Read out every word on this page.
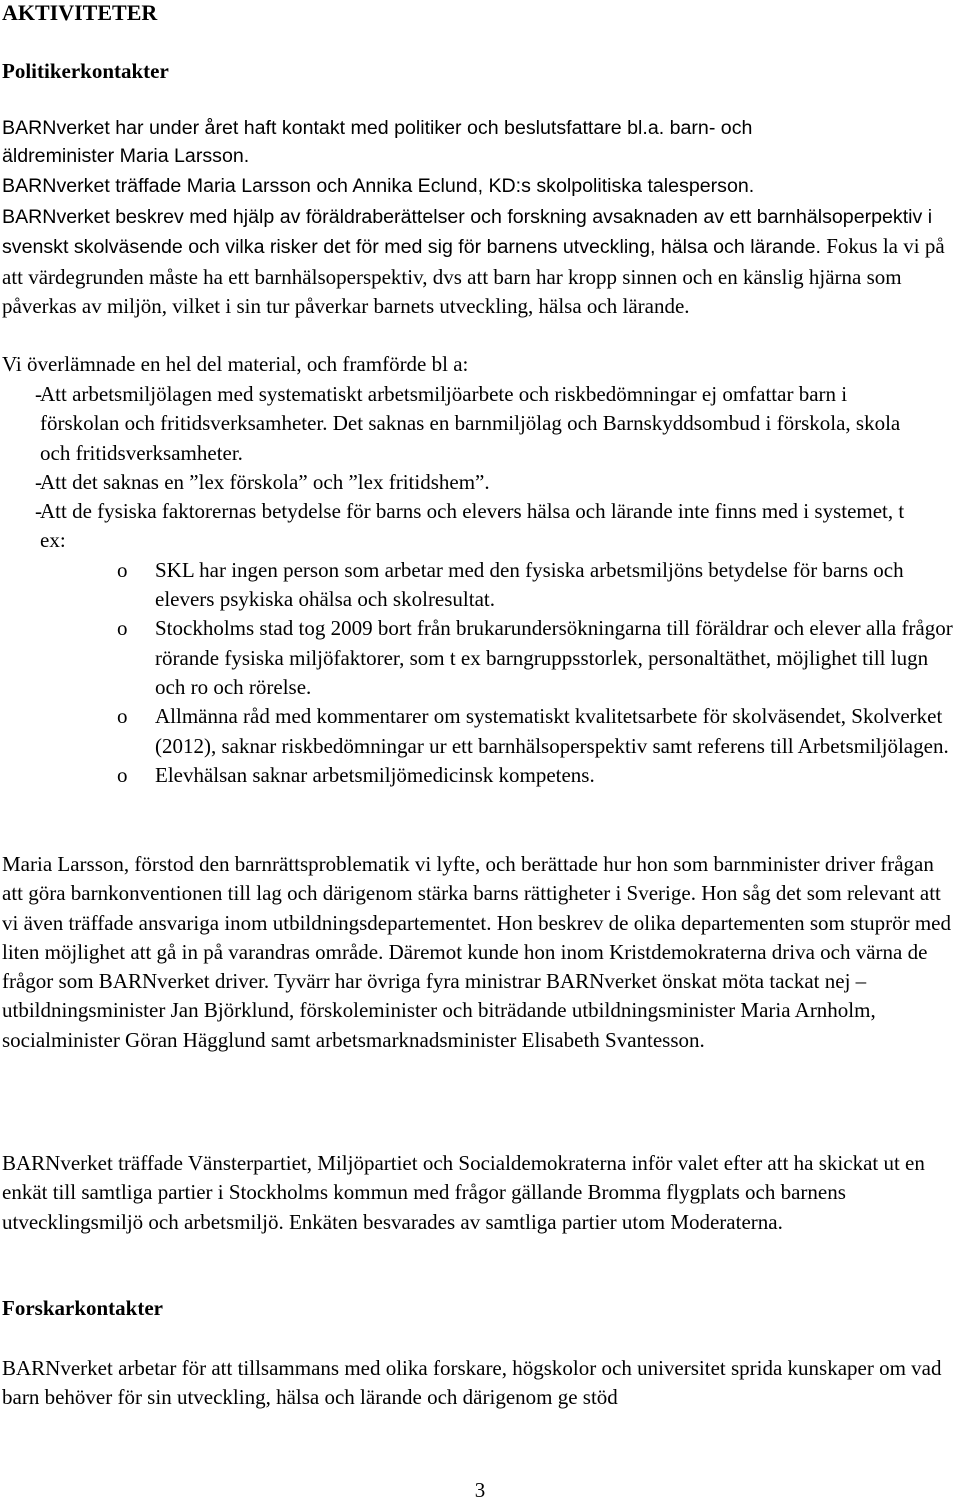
AKTIVITETER
Politikerkontakter

BARNverket har under året haft kontakt med politiker och beslutsfattare bl.a. barn- och

äldreminister Maria Larsson.

BARNverket träffade Maria Larsson och Annika Eclund, KD:s skolpolitiska talesperson.

BARNverket beskrev med hjälp av föräldraberättelser och forskning avsaknaden av ett barnhälsoperpektiv i svenskt skolväsende och vilka risker det för med sig för barnens utveckling, hälsa och lärande. Fokus la vi på att värdegrunden måste ha ett barnhälsoperspektiv, dvs att barn har kropp sinnen och en känslig hjärna som påverkas av miljön, vilket i sin tur påverkar barnets utveckling, hälsa och lärande.

Vi överlämnade en hel del material, och framförde bl a:

-
Att arbetsmiljölagen med systematiskt arbetsmiljöarbete och riskbedömningar ej omfattar barn i förskolan och fritidsverksamheter. Det saknas en barnmiljölag och Barnskyddsombud i förskola, skola och fritidsverksamheter.
-
Att det saknas en ”lex förskola” och ”lex fritidshem”.
-
Att de fysiska faktorernas betydelse för barns och elevers hälsa och lärande inte finns med i systemet, t ex:
o	SKL har ingen person som arbetar med den fysiska arbetsmiljöns betydelse för barns och elevers psykiska ohälsa och skolresultat.
o	Stockholms stad tog 2009 bort från brukarundersökningarna till föräldrar och elever alla frågor rörande fysiska miljöfaktorer, som t ex barngruppsstorlek, personaltäthet, möjlighet till lugn och ro och rörelse.
o	Allmänna råd med kommentarer om systematiskt kvalitetsarbete för skolväsendet, Skolverket (2012), saknar riskbedömningar ur ett barnhälsoperspektiv samt referens till Arbetsmiljölagen.
o	Elevhälsan saknar arbetsmiljömedicinsk kompetens.

Maria Larsson, förstod den barnrättsproblematik vi lyfte, och berättade hur hon som barnminister driver frågan att göra barnkonventionen till lag och därigenom stärka barns rättigheter i Sverige. Hon såg det som relevant att vi även träffade ansvariga inom utbildningsdepartementet. Hon beskrev de olika departementen som stuprör med liten möjlighet att gå in på varandras område. Däremot kunde hon inom Kristdemokraterna driva och värna de frågor som BARNverket driver. Tyvärr har övriga fyra ministrar BARNverket önskat möta tackat nej – utbildningsminister Jan Björklund, förskoleminister och biträdande utbildningsminister Maria Arnholm, socialminister Göran Hägglund samt arbetsmarknadsminister Elisabeth Svantesson.

BARNverket träffade Vänsterpartiet, Miljöpartiet och Socialdemokraterna inför valet efter att ha skickat ut en enkät till samtliga partier i Stockholms kommun med frågor gällande Bromma flygplats och barnens utvecklingsmiljö och arbetsmiljö. Enkäten besvarades av samtliga partier utom Moderaterna.

Forskarkontakter

BARNverket arbetar för att tillsammans med olika forskare, högskolor och universitet sprida kunskaper om vad barn behöver för sin utveckling, hälsa och lärande och därigenom ge stöd

3
